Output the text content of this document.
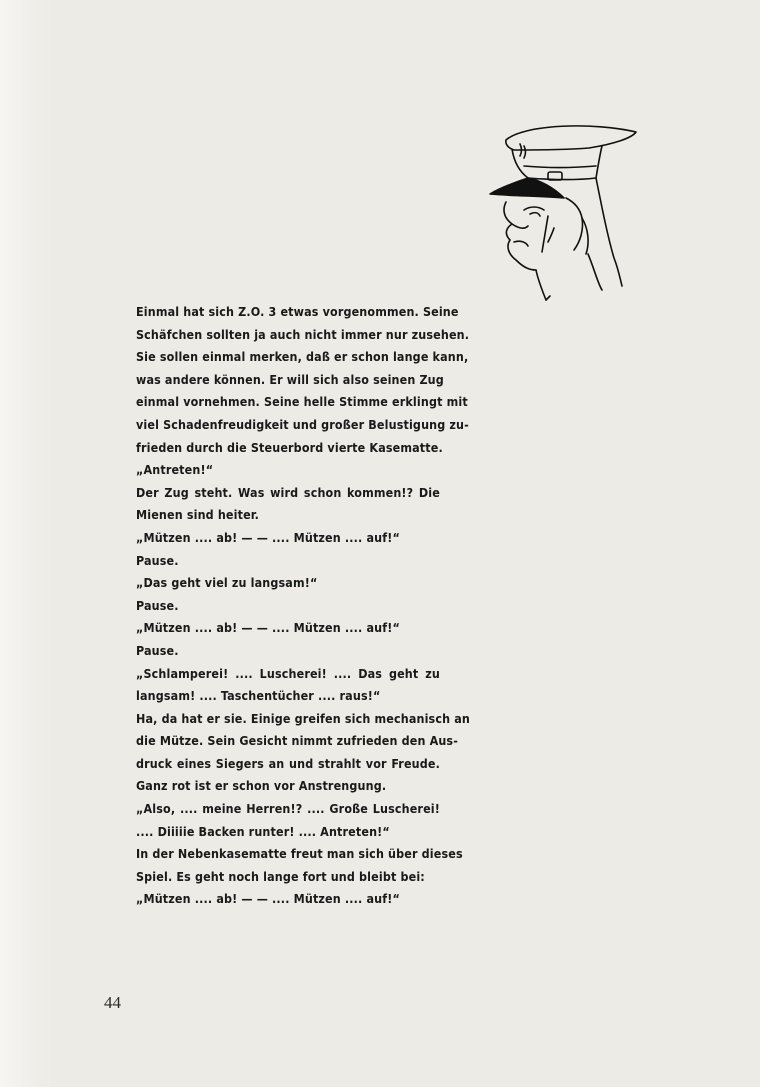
Einmal hat sich Z.O. 3 etwas vorgenommen. Seine
Schäfchen sollten ja auch nicht immer nur zusehen.
Sie sollen einmal merken, daß er schon lange kann,
was andere können. Er will sich also seinen Zug
einmal vornehmen. Seine helle Stimme erklingt mit
viel Schadenfreudigkeit und großer Belustigung zu-
frieden durch die Steuerbord vierte Kasematte.
„Antreten!“
Der Zug steht. Was wird schon kommen!? Die
Mienen sind heiter.
„Mützen .... ab! — — .... Mützen .... auf!“
Pause.
„Das geht viel zu langsam!“
Pause.
„Mützen .... ab! — — .... Mützen .... auf!“
Pause.
„Schlamperei! .... Luscherei! .... Das geht zu
langsam! .... Taschentücher .... raus!“
Ha, da hat er sie. Einige greifen sich mechanisch an
die Mütze. Sein Gesicht nimmt zufrieden den Aus-
druck eines Siegers an und strahlt vor Freude.
Ganz rot ist er schon vor Anstrengung.
„Also, .... meine Herren!? .... Große Luscherei!
.... Diiiiie Backen runter! .... Antreten!“
In der Nebenkasematte freut man sich über dieses
Spiel. Es geht noch lange fort und bleibt bei:
„Mützen .... ab! — — .... Mützen .... auf!“
44
